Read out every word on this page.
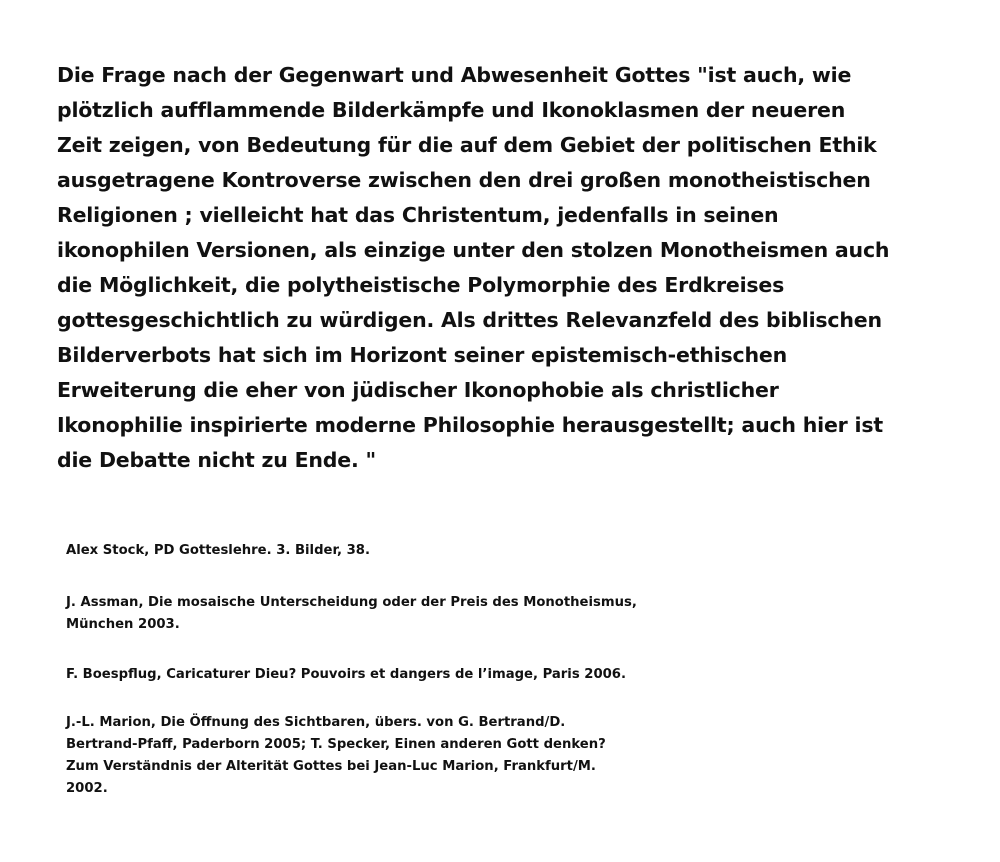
Die Frage nach der Gegenwart und Abwesenheit Gottes "ist auch, wie
plötzlich aufflammende Bilderkämpfe und Ikonoklasmen der neueren
Zeit zeigen, von Bedeutung für die auf dem Gebiet der politischen Ethik
ausgetragene Kontroverse zwischen den drei großen monotheistischen
Religionen ; vielleicht hat das Christentum, jedenfalls in seinen
ikonophilen Versionen, als einzige unter den stolzen Monotheismen auch
die Möglichkeit, die polytheistische Polymorphie des Erdkreises
gottesgeschichtlich zu würdigen. Als drittes Relevanzfeld des biblischen
Bilderverbots hat sich im Horizont seiner epistemisch-ethischen
Erweiterung die eher von jüdischer Ikonophobie als christlicher
Ikonophilie inspirierte moderne Philosophie herausgestellt; auch hier ist
die Debatte nicht zu Ende. "
Alex Stock, PD Gotteslehre. 3. Bilder, 38.
J. Assman, Die mosaische Unterscheidung oder der Preis des Monotheismus,
München 2003.
F. Boespflug, Caricaturer Dieu? Pouvoirs et dangers de l’image, Paris 2006.
J.-L. Marion, Die Öffnung des Sichtbaren, übers. von G. Bertrand/D.
Bertrand-Pfaff, Paderborn 2005; T. Specker, Einen anderen Gott denken?
Zum Verständnis der Alterität Gottes bei Jean-Luc Marion, Frankfurt/M.
2002.
